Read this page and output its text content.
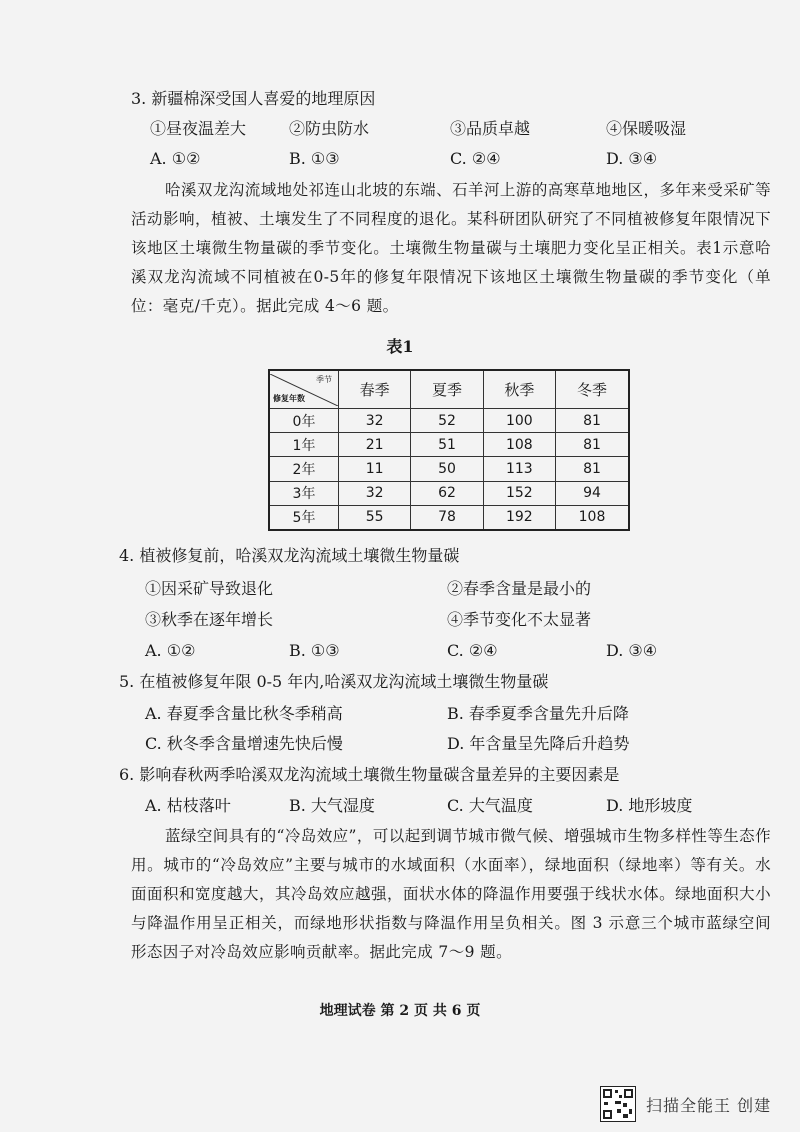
3. 新疆棉深受国人喜爱的地理原因
①昼夜温差大	②防虫防水	③品质卓越	④保暖吸湿
A. ①②	B. ①③	C. ②④	D. ③④
哈溪双龙沟流域地处祁连山北坡的东端、石羊河上游的高寒草地地区，多年来受采矿等活动影响，植被、土壤发生了不同程度的退化。某科研团队研究了不同植被修复年限情况下该地区土壤微生物量碳的季节变化。土壤微生物量碳与土壤肥力变化呈正相关。表1示意哈溪双龙沟流域不同植被在0-5年的修复年限情况下该地区土壤微生物量碳的季节变化（单位：毫克/千克）。据此完成 4～6 题。
表1
季节
修复年数	春季	夏季	秋季	冬季
0年	32	52	100	81
1年	21	51	108	81
2年	11	50	113	81
3年	32	62	152	94
5年	55	78	192	108
4. 植被修复前，哈溪双龙沟流域土壤微生物量碳
①因采矿导致退化	②春季含量是最小的
③秋季在逐年增长	④季节变化不太显著
A. ①②	B. ①③	C. ②④	D. ③④
5. 在植被修复年限 0-5 年内,哈溪双龙沟流域土壤微生物量碳
A. 春夏季含量比秋冬季稍高	B. 春季夏季含量先升后降
C. 秋冬季含量增速先快后慢	D. 年含量呈先降后升趋势
6. 影响春秋两季哈溪双龙沟流域土壤微生物量碳含量差异的主要因素是
A. 枯枝落叶	B. 大气湿度	C. 大气温度	D. 地形坡度
蓝绿空间具有的“冷岛效应”，可以起到调节城市微气候、增强城市生物多样性等生态作用。城市的“冷岛效应”主要与城市的水域面积（水面率），绿地面积（绿地率）等有关。水面面积和宽度越大，其冷岛效应越强，面状水体的降温作用要强于线状水体。绿地面积大小与降温作用呈正相关，而绿地形状指数与降温作用呈负相关。图 3 示意三个城市蓝绿空间形态因子对冷岛效应影响贡献率。据此完成 7～9 题。
地理试卷 第 2 页 共 6 页
扫描全能王 创建
